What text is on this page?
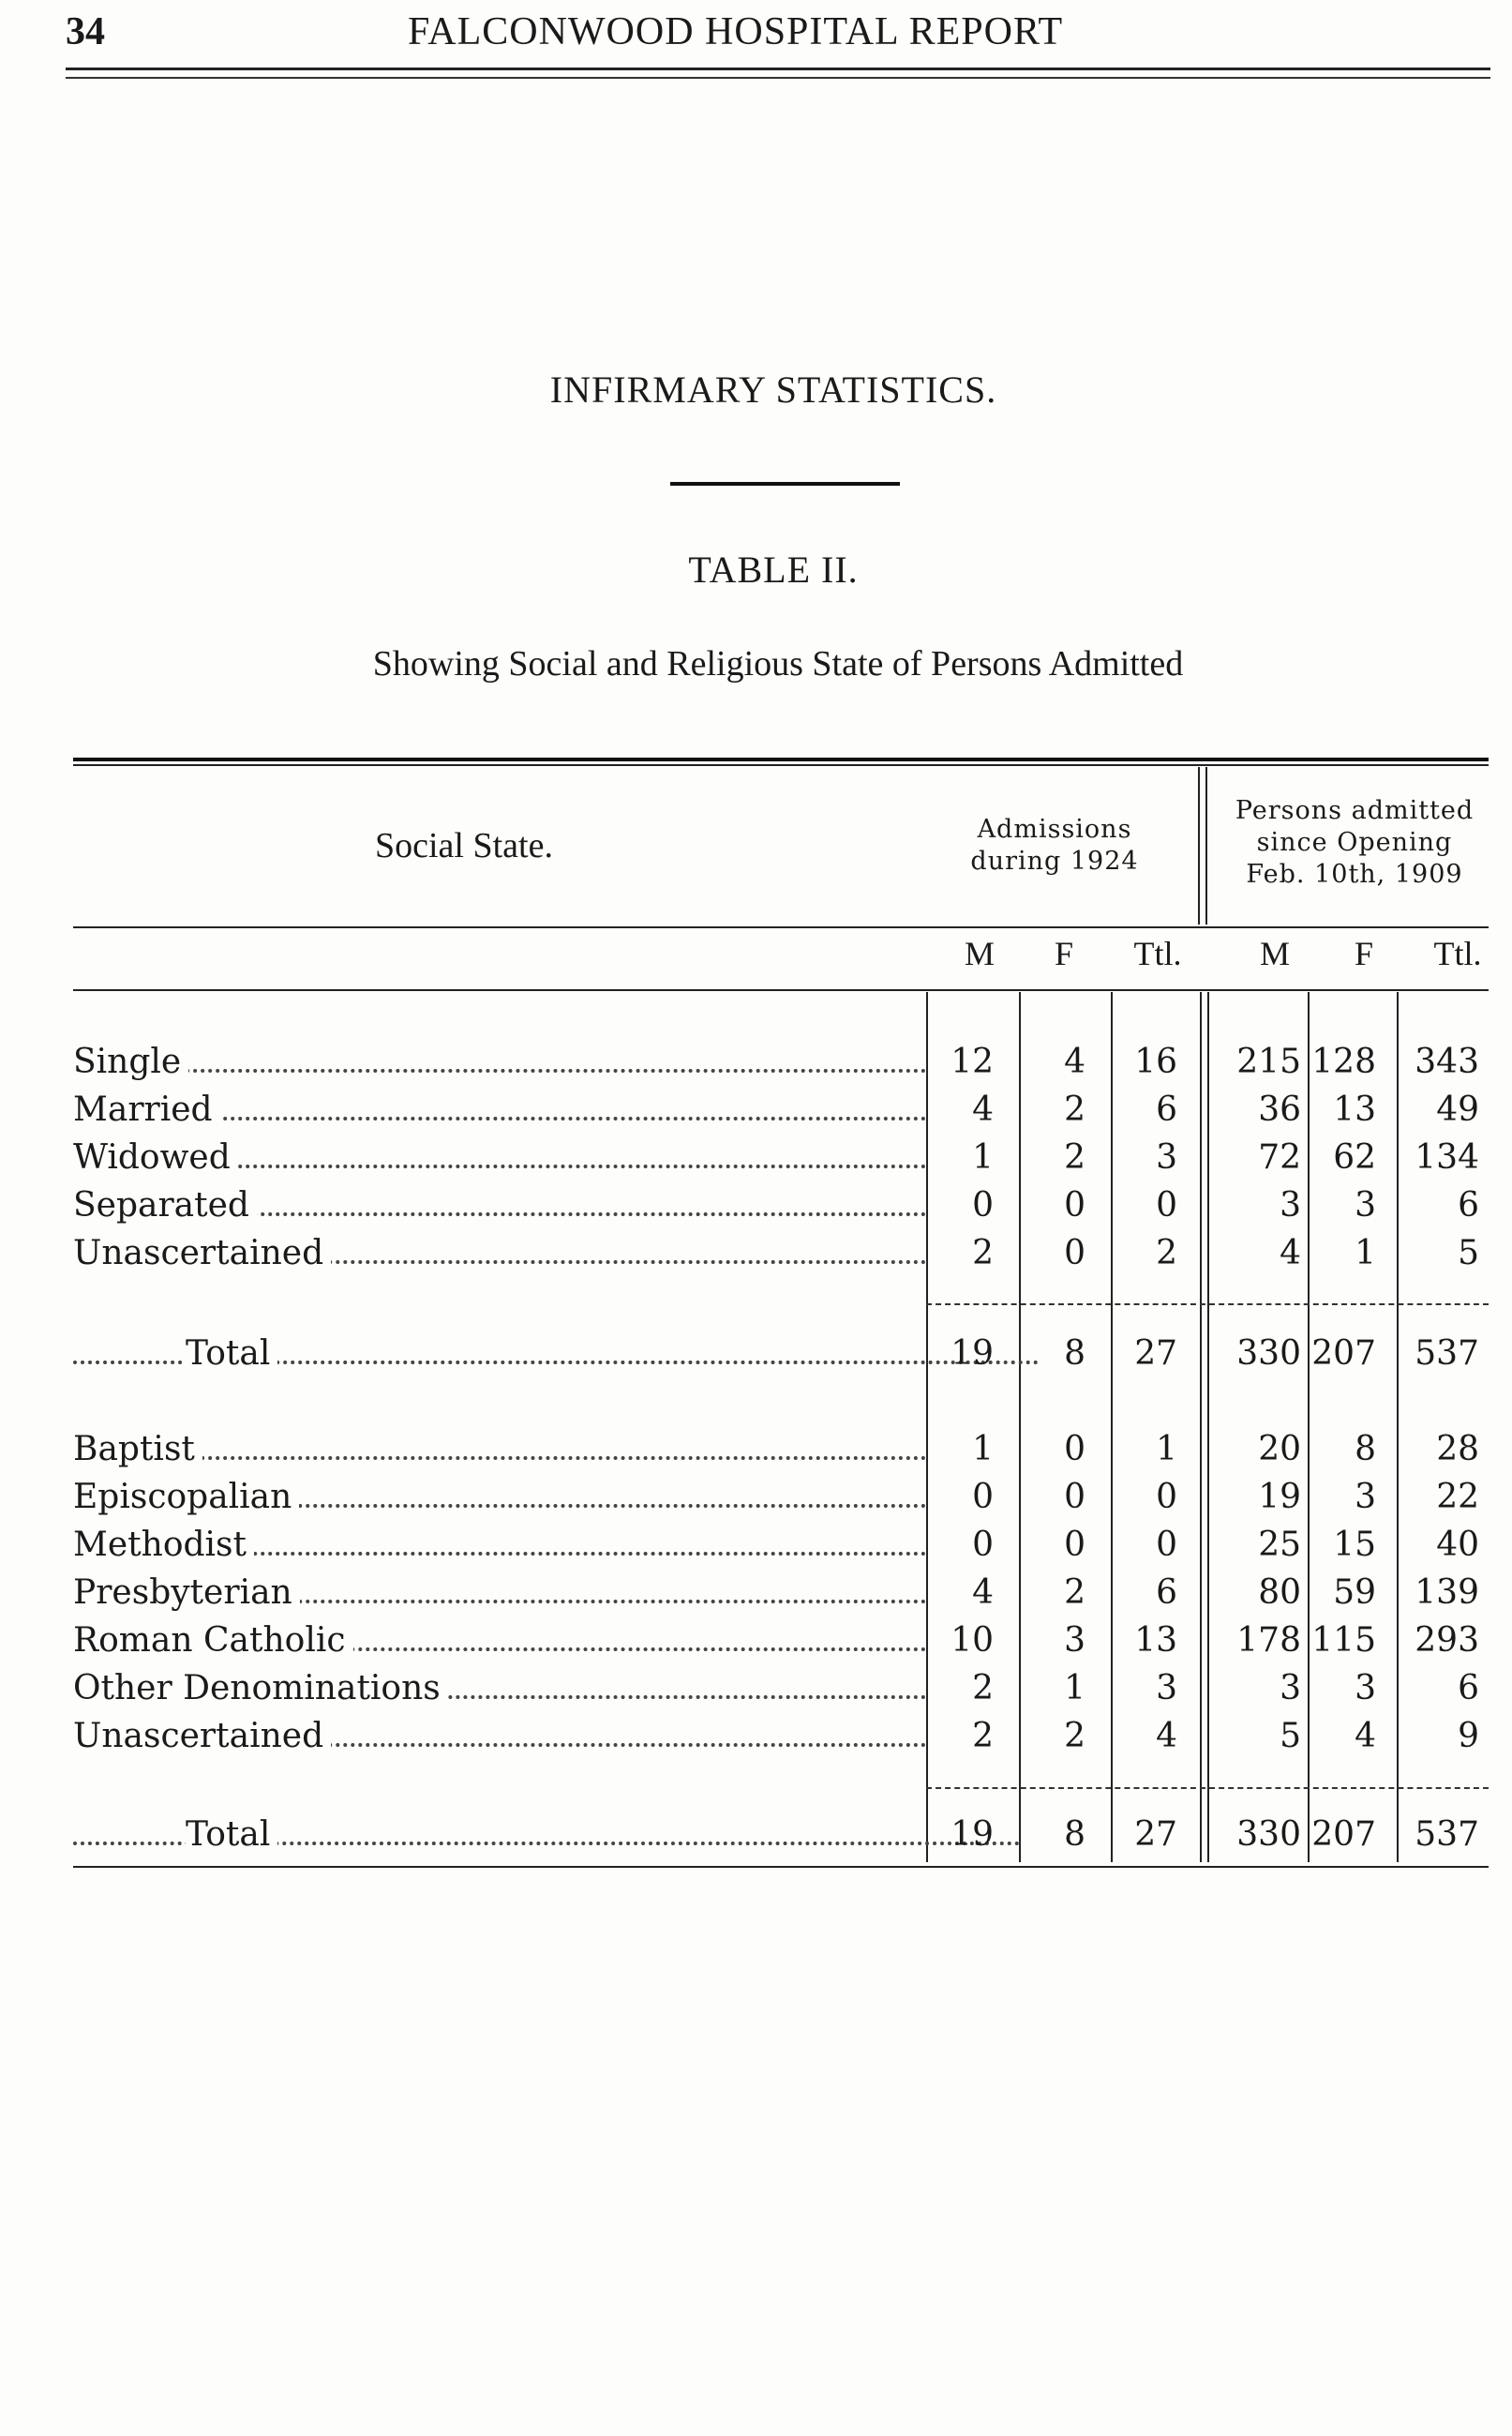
34	FALCONWOOD HOSPITAL REPORT
INFIRMARY STATISTICS.
TABLE II.
Showing Social and Religious State of Persons Admitted
Social State.	Admissions
during 1924
Persons admitted
since Opening
Feb. 10th, 1909
M	F	Ttl.	M	F	Ttl.
Single	12	4	16	215 128	343
Married	4	2	6	36 13	49
Widowed	1	2	3	72 62	134
Separated	0	0	0	3	3	6
Unascertained	2	0	2	4	1	5
Total	19	8	27	330 207	537
Baptist	1	0	1	20	8	28
Episcopalian	0	0	0	19	3	22
Methodist	0	0	0	25 15	40
Presbyterian	4	2	6	80 59	139
Roman Catholic	10	3	13	178 115	293
Other Denominations	2	1	3	3	3	6
Unascertained	2	2	4	5	4	9
Total	19	8	27	330 207	537
